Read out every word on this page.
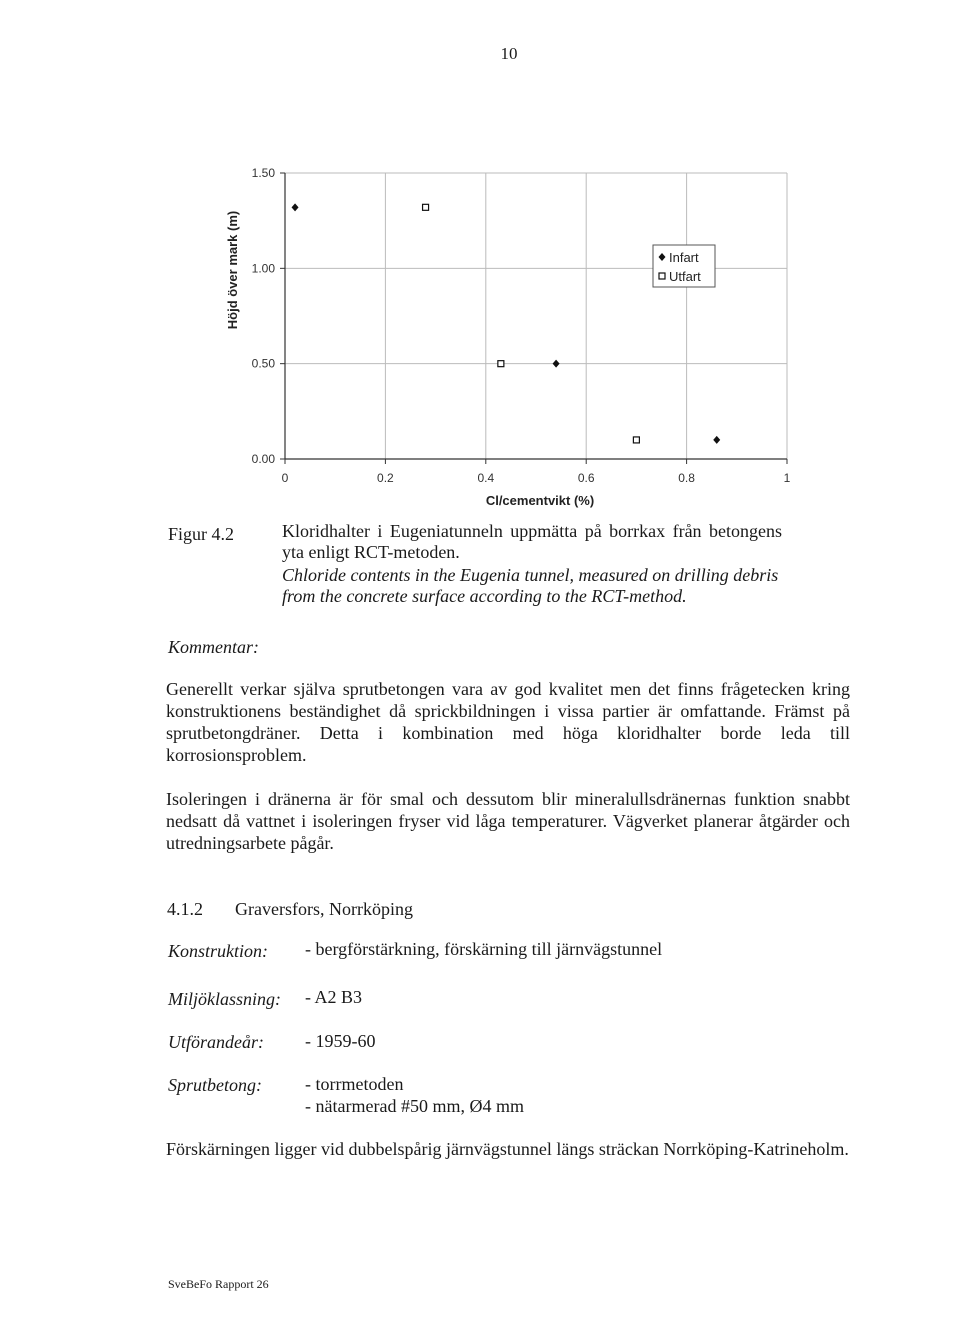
10
Höjd över mark (m)
Cl/cementvikt (%)
0.00
0.50
1.00
1.50
0	0.2	0.4	0.6	0.8	1
Infart
Utfart
Figur 4.2	Kloridhalter i Eugeniatunneln uppmätta på borrkax från betongens yta enligt RCT-metoden.
Chloride contents in the Eugenia tunnel, measured on drilling debris from the concrete surface according to the RCT-method.
Kommentar:
Generellt verkar själva sprutbetongen vara av god kvalitet men det finns frågetecken kring konstruktionens beständighet då sprickbildningen i vissa partier är omfattande. Främst på sprutbetongdräner. Detta i kombination med höga kloridhalter borde leda till korrosionsproblem.
Isoleringen i dränerna är för smal och dessutom blir mineralullsdränernas funktion snabbt nedsatt då vattnet i isoleringen fryser vid låga temperaturer. Vägverket planerar åtgärder och utredningsarbete pågår.
4.1.2 Graversfors, Norrköping
Konstruktion: - bergförstärkning, förskärning till järnvägstunnel
Miljöklassning: - A2 B3
Utförandeår: - 1959-60
Sprutbetong: - torrmetoden
- nätarmerad #50 mm, Ø4 mm
Förskärningen ligger vid dubbelspårig järnvägstunnel längs sträckan Norrköping-Katrineholm.
SveBeFo Rapport 26
